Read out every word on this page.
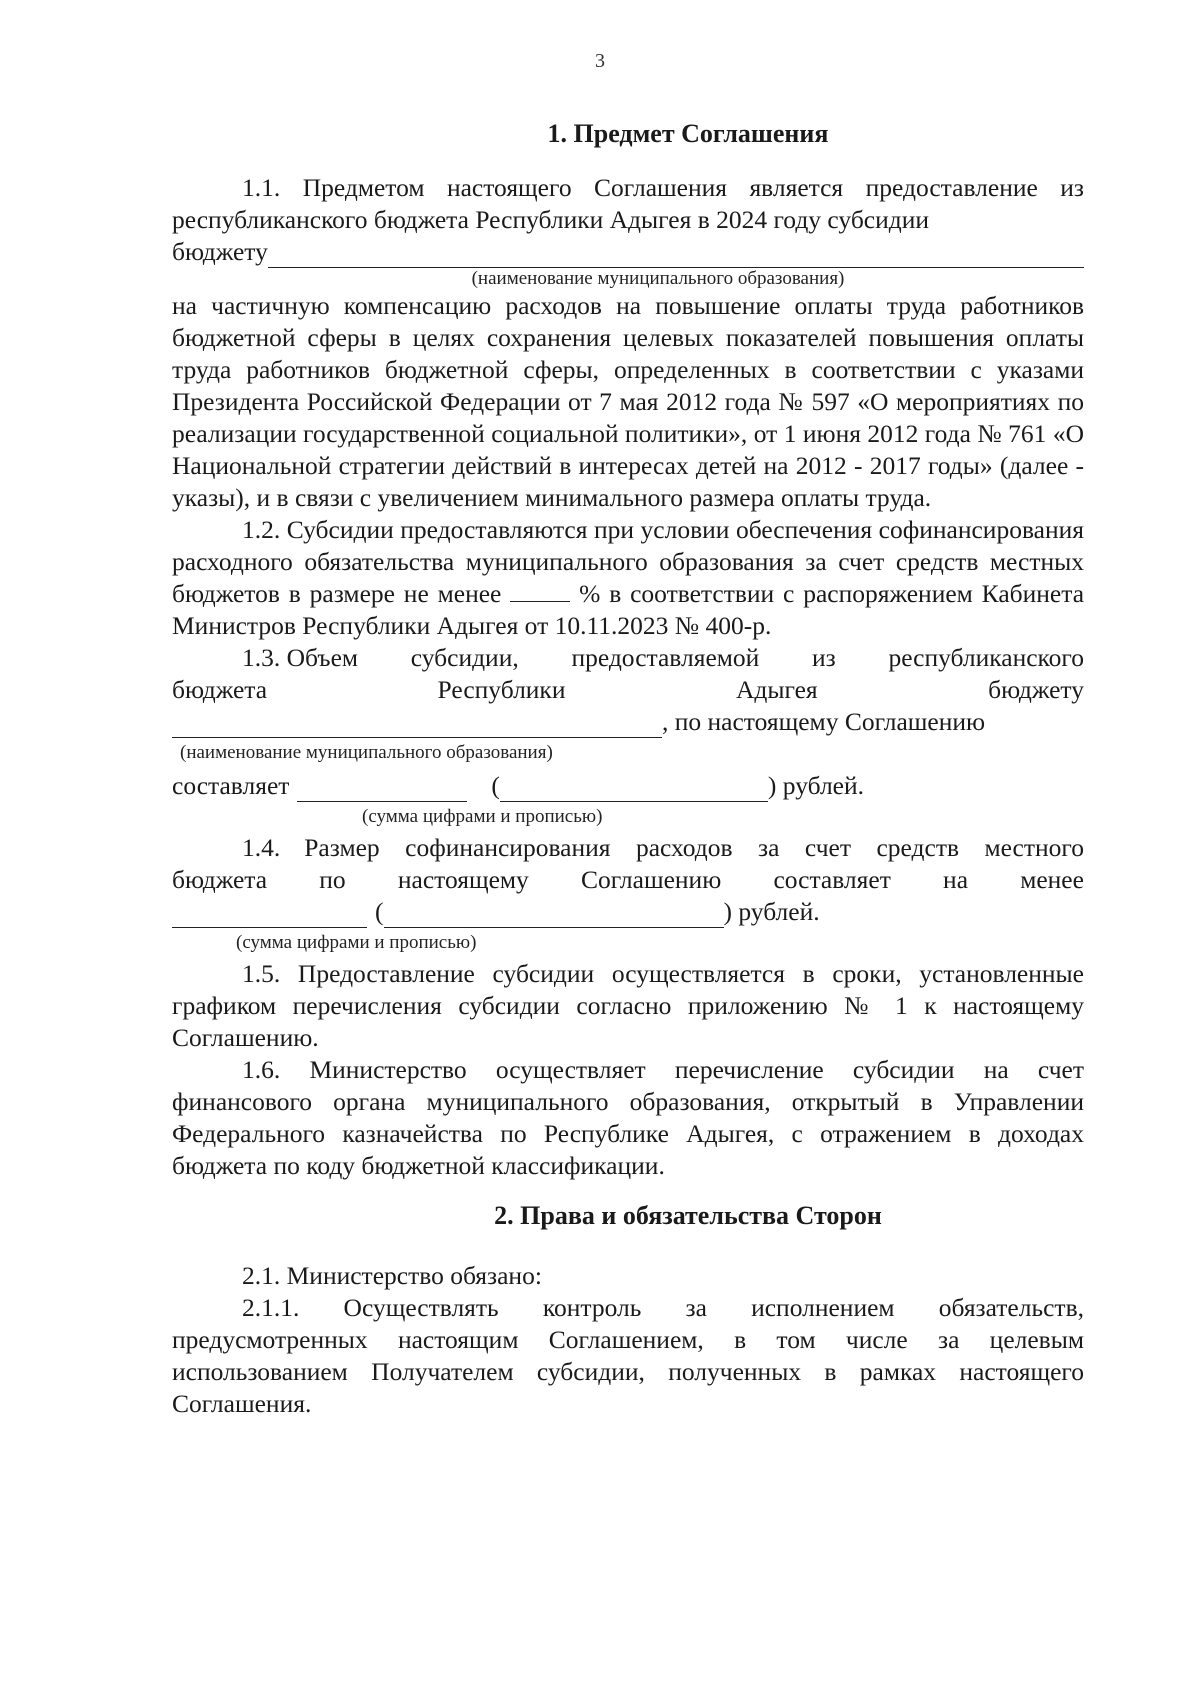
3
1. Предмет Соглашения

1.1. Предметом настоящего Соглашения является предоставление из республиканского бюджета Республики Адыгея в 2024 году субсидии

бюджету

(наименование муниципального образования)

на частичную компенсацию расходов на повышение оплаты труда работников бюджетной сферы в целях сохранения целевых показателей повышения оплаты труда работников бюджетной сферы, определенных в соответствии с указами Президента Российской Федерации от 7 мая 2012 года № 597 «О мероприятиях по реализации государственной социальной политики», от 1 июня 2012 года № 761 «О Национальной стратегии действий в интересах детей на 2012 - 2017 годы» (далее - указы), и в связи с увеличением минимального размера оплаты труда.

1.2. Субсидии предоставляются при условии обеспечения софинансирования расходного обязательства муниципального образования за счет средств местных бюджетов в размере не менее	% в соответствии с распоряжением Кабинета Министров Республики Адыгея от 10.11.2023 № 400-р.

1.3. Объем субсидии, предоставляемой из республиканского
бюджета	Республики	Адыгея	бюджету
, по настоящему Соглашению

(наименование муниципального образования)

составляет	(	) рублей.

(сумма цифрами и прописью)

1.4. Размер софинансирования расходов за счет средств местного
бюджета по настоящему Соглашению составляет на менее
(	) рублей.

(сумма цифрами и прописью)

1.5. Предоставление субсидии осуществляется в сроки, установленные графиком перечисления субсидии согласно приложению № 1 к настоящему Соглашению.

1.6. Министерство осуществляет перечисление субсидии на счет финансового органа муниципального образования, открытый в Управлении Федерального казначейства по Республике Адыгея, с отражением в доходах бюджета по коду бюджетной классификации.

2. Права и обязательства Сторон

2.1. Министерство обязано:

2.1.1. Осуществлять контроль за исполнением обязательств, предусмотренных настоящим Соглашением, в том числе за целевым использованием Получателем субсидии, полученных в рамках настоящего Соглашения.
